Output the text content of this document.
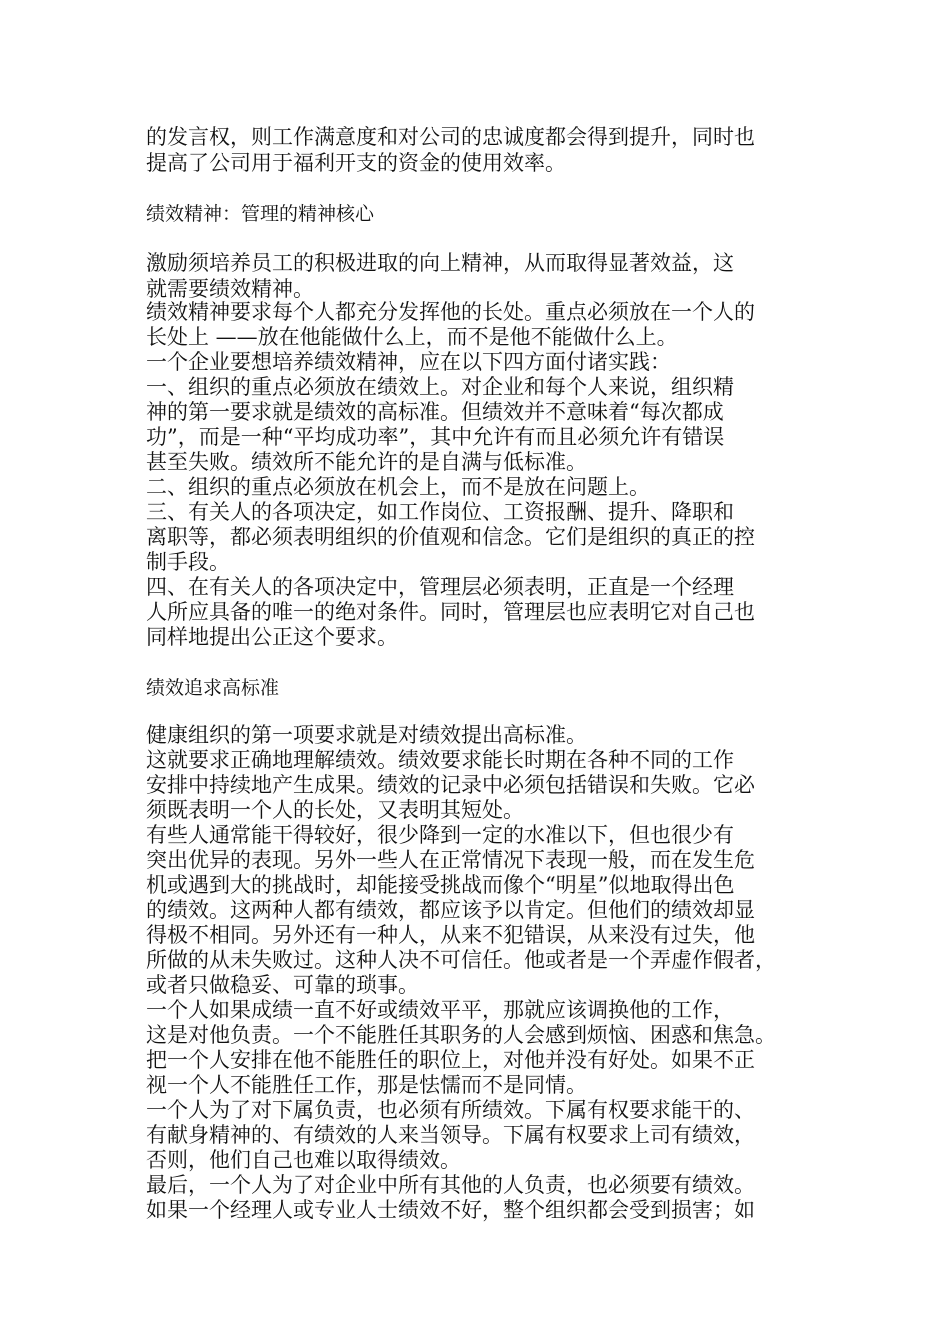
的发言权，则工作满意度和对公司的忠诚度都会得到提升，同时也
提高了公司用于福利开支的资金的使用效率。
绩效精神：管理的精神核心
激励须培养员工的积极进取的向上精神，从而取得显著效益，这
就需要绩效精神。
绩效精神要求每个人都充分发挥他的长处。重点必须放在一个人的
长处上 ——放在他能做什么上，而不是他不能做什么上。
一个企业要想培养绩效精神，应在以下四方面付诸实践：
一、组织的重点必须放在绩效上。对企业和每个人来说，组织精
神的第一要求就是绩效的高标准。但绩效并不意味着“每次都成
功”，而是一种“平均成功率”，其中允许有而且必须允许有错误
甚至失败。绩效所不能允许的是自满与低标准。
二、组织的重点必须放在机会上，而不是放在问题上。
三、有关人的各项决定，如工作岗位、工资报酬、提升、降职和
离职等，都必须表明组织的价值观和信念。它们是组织的真正的控
制手段。
四、在有关人的各项决定中，管理层必须表明，正直是一个经理
人所应具备的唯一的绝对条件。同时，管理层也应表明它对自己也
同样地提出公正这个要求。
绩效追求高标准
健康组织的第一项要求就是对绩效提出高标准。
这就要求正确地理解绩效。绩效要求能长时期在各种不同的工作
安排中持续地产生成果。绩效的记录中必须包括错误和失败。它必
须既表明一个人的长处，又表明其短处。
有些人通常能干得较好，很少降到一定的水准以下，但也很少有
突出优异的表现。另外一些人在正常情况下表现一般，而在发生危
机或遇到大的挑战时，却能接受挑战而像个“明星”似地取得出色
的绩效。这两种人都有绩效，都应该予以肯定。但他们的绩效却显
得极不相同。另外还有一种人，从来不犯错误，从来没有过失，他
所做的从未失败过。这种人决不可信任。他或者是一个弄虚作假者，
或者只做稳妥、可靠的琐事。
一个人如果成绩一直不好或绩效平平，那就应该调换他的工作，
这是对他负责。一个不能胜任其职务的人会感到烦恼、困惑和焦急。
把一个人安排在他不能胜任的职位上，对他并没有好处。如果不正
视一个人不能胜任工作，那是怯懦而不是同情。
一个人为了对下属负责，也必须有所绩效。下属有权要求能干的、
有献身精神的、有绩效的人来当领导。下属有权要求上司有绩效，
否则，他们自己也难以取得绩效。
最后，一个人为了对企业中所有其他的人负责，也必须要有绩效。
如果一个经理人或专业人士绩效不好，整个组织都会受到损害；如
